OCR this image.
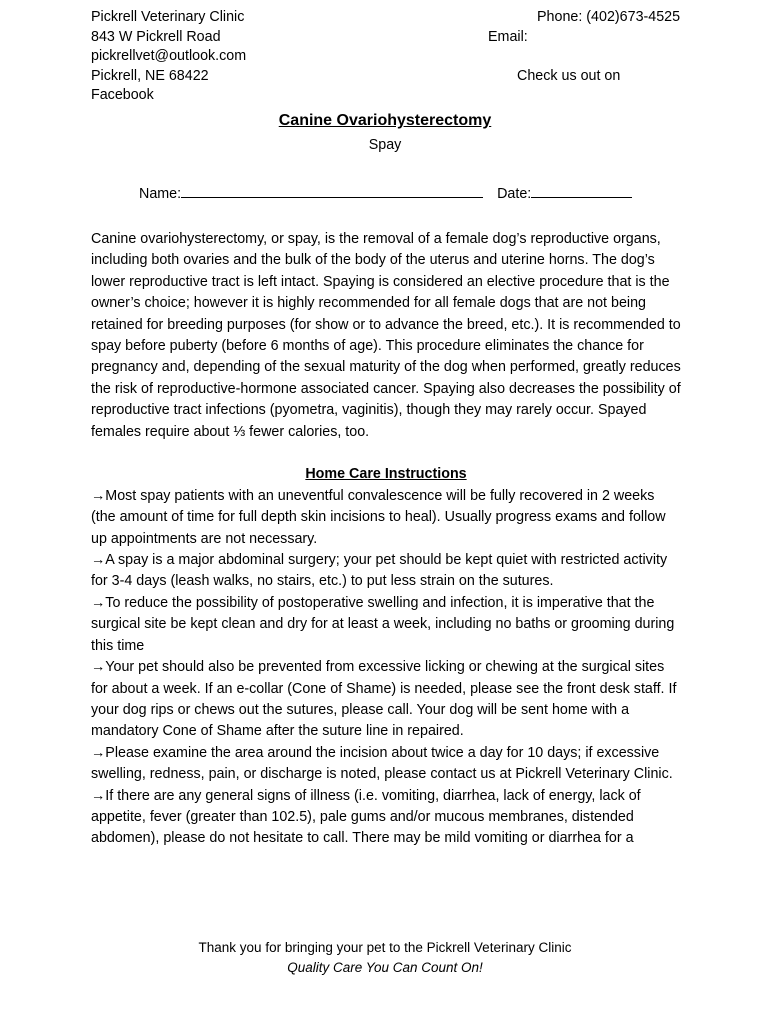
Pickrell Veterinary Clinic	Phone: (402)673-4525
843 W Pickrell Road	Email:
pickrellvet@outlook.com
Pickrell, NE 68422	Check us out on
Facebook
Canine Ovariohysterectomy
Spay
Name:	Date:

Canine ovariohysterectomy, or spay, is the removal of a female dog’s reproductive organs, including both ovaries and the bulk of the body of the uterus and uterine horns. The dog’s lower reproductive tract is left intact. Spaying is considered an elective procedure that is the owner’s choice; however it is highly recommended for all female dogs that are not being retained for breeding purposes (for show or to advance the breed, etc.). It is recommended to spay before puberty (before 6 months of age). This procedure eliminates the chance for pregnancy and, depending of the sexual maturity of the dog when performed, greatly reduces the risk of reproductive-hormone associated cancer. Spaying also decreases the possibility of reproductive tract infections (pyometra, vaginitis), though they may rarely occur. Spayed females require about ⅓ fewer calories, too.

Home Care Instructions

→Most spay patients with an uneventful convalescence will be fully recovered in 2 weeks (the amount of time for full depth skin incisions to heal). Usually progress exams and follow up appointments are not necessary.

→A spay is a major abdominal surgery; your pet should be kept quiet with restricted activity for 3-4 days (leash walks, no stairs, etc.) to put less strain on the sutures.

→To reduce the possibility of postoperative swelling and infection, it is imperative that the surgical site be kept clean and dry for at least a week, including no baths or grooming during this time

→Your pet should also be prevented from excessive licking or chewing at the surgical sites for about a week. If an e-collar (Cone of Shame) is needed, please see the front desk staff. If your dog rips or chews out the sutures, please call. Your dog will be sent home with a mandatory Cone of Shame after the suture line in repaired.

→Please examine the area around the incision about twice a day for 10 days; if excessive swelling, redness, pain, or discharge is noted, please contact us at Pickrell Veterinary Clinic.

→If there are any general signs of illness (i.e. vomiting, diarrhea, lack of energy, lack of appetite, fever (greater than 102.5), pale gums and/or mucous membranes, distended abdomen), please do not hesitate to call. There may be mild vomiting or diarrhea for a

Thank you for bringing your pet to the Pickrell Veterinary Clinic
Quality Care You Can Count On!
